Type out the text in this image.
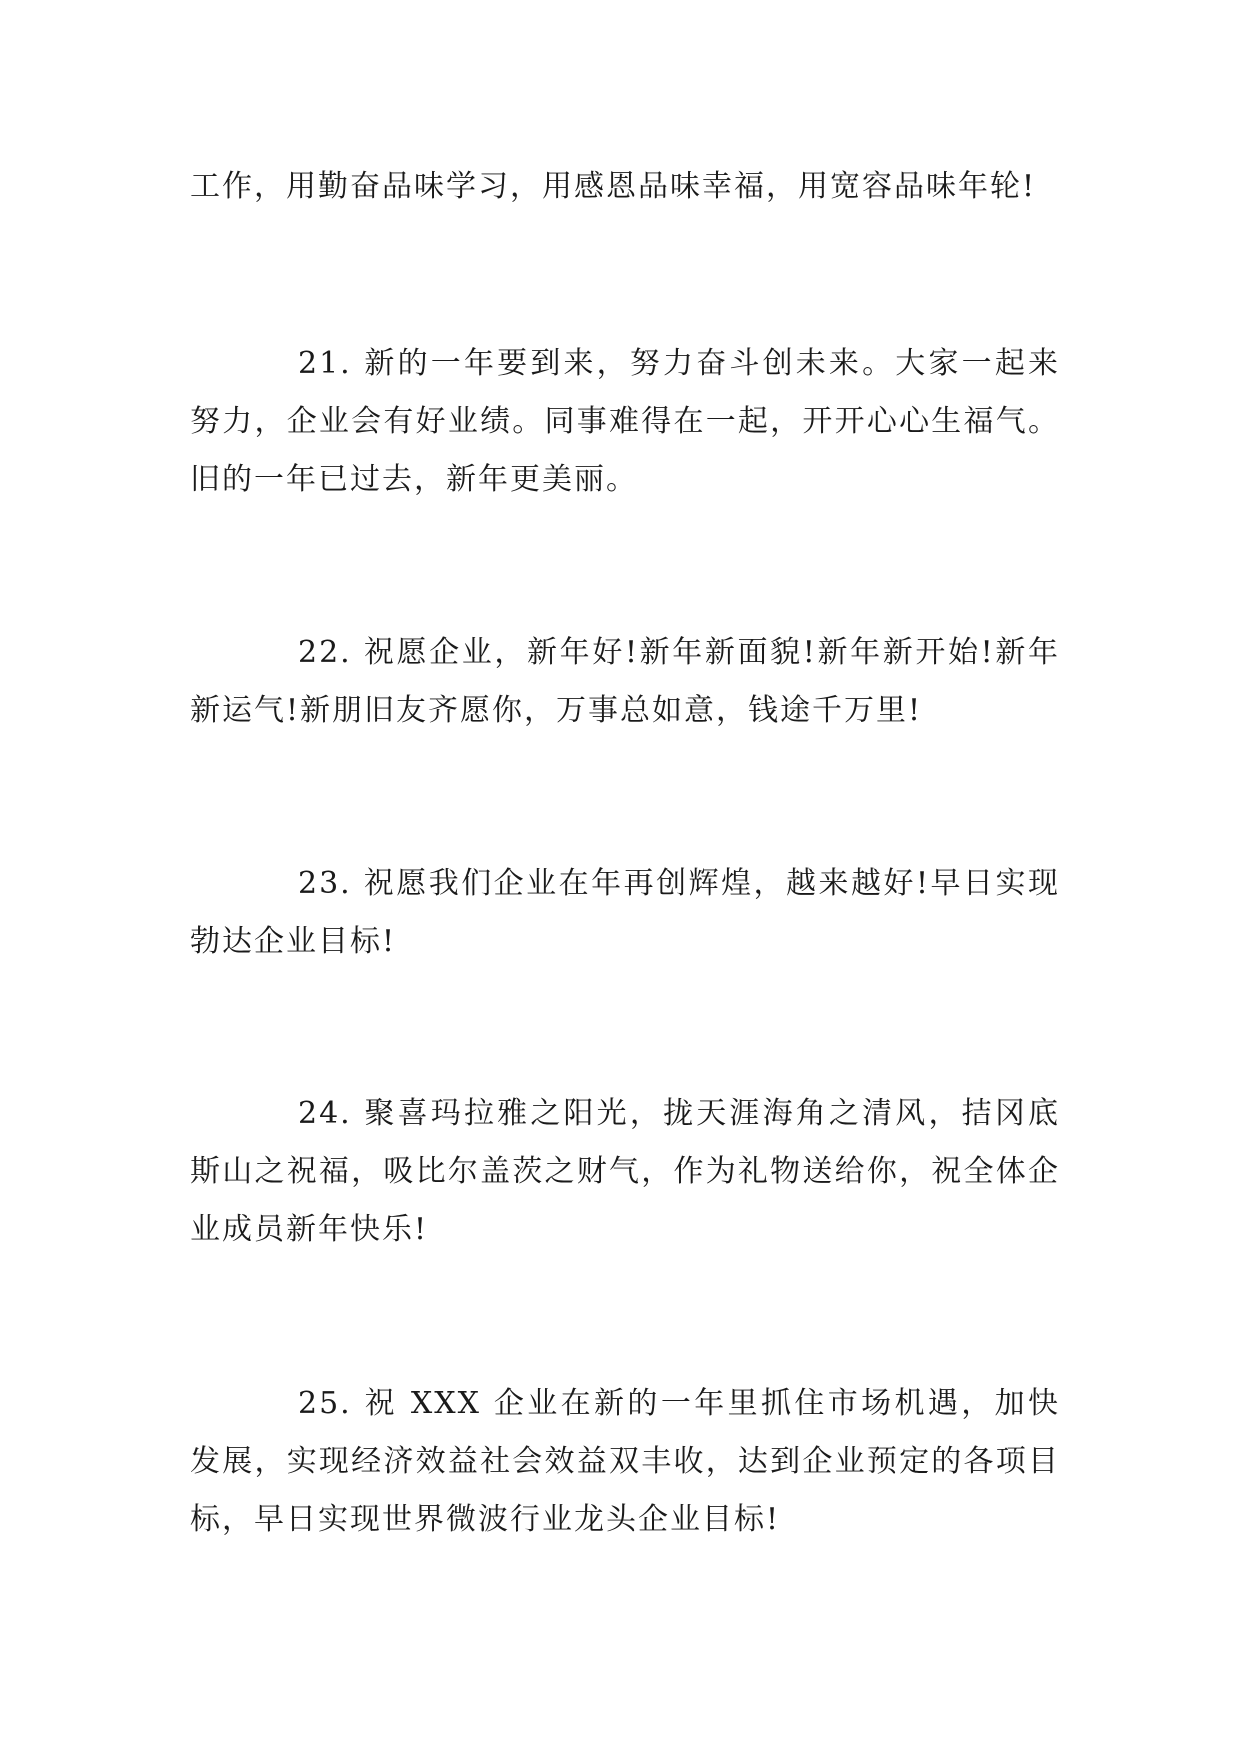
工作，用勤奋品味学习，用感恩品味幸福，用宽容品味年轮!

21. 新的一年要到来，努力奋斗创未来。大家一起来努力，企业会有好业绩。同事难得在一起，开开心心生福气。旧的一年已过去，新年更美丽。

22. 祝愿企业，新年好!新年新面貌!新年新开始!新年新运气!新朋旧友齐愿你，万事总如意，钱途千万里!

23. 祝愿我们企业在年再创辉煌，越来越好!早日实现勃达企业目标!

24. 聚喜玛拉雅之阳光，拢天涯海角之清风，拮冈底斯山之祝福，吸比尔盖茨之财气，作为礼物送给你，祝全体企业成员新年快乐!

25. 祝 XXX 企业在新的一年里抓住市场机遇，加快发展，实现经济效益社会效益双丰收，达到企业预定的各项目标，早日实现世界微波行业龙头企业目标!
